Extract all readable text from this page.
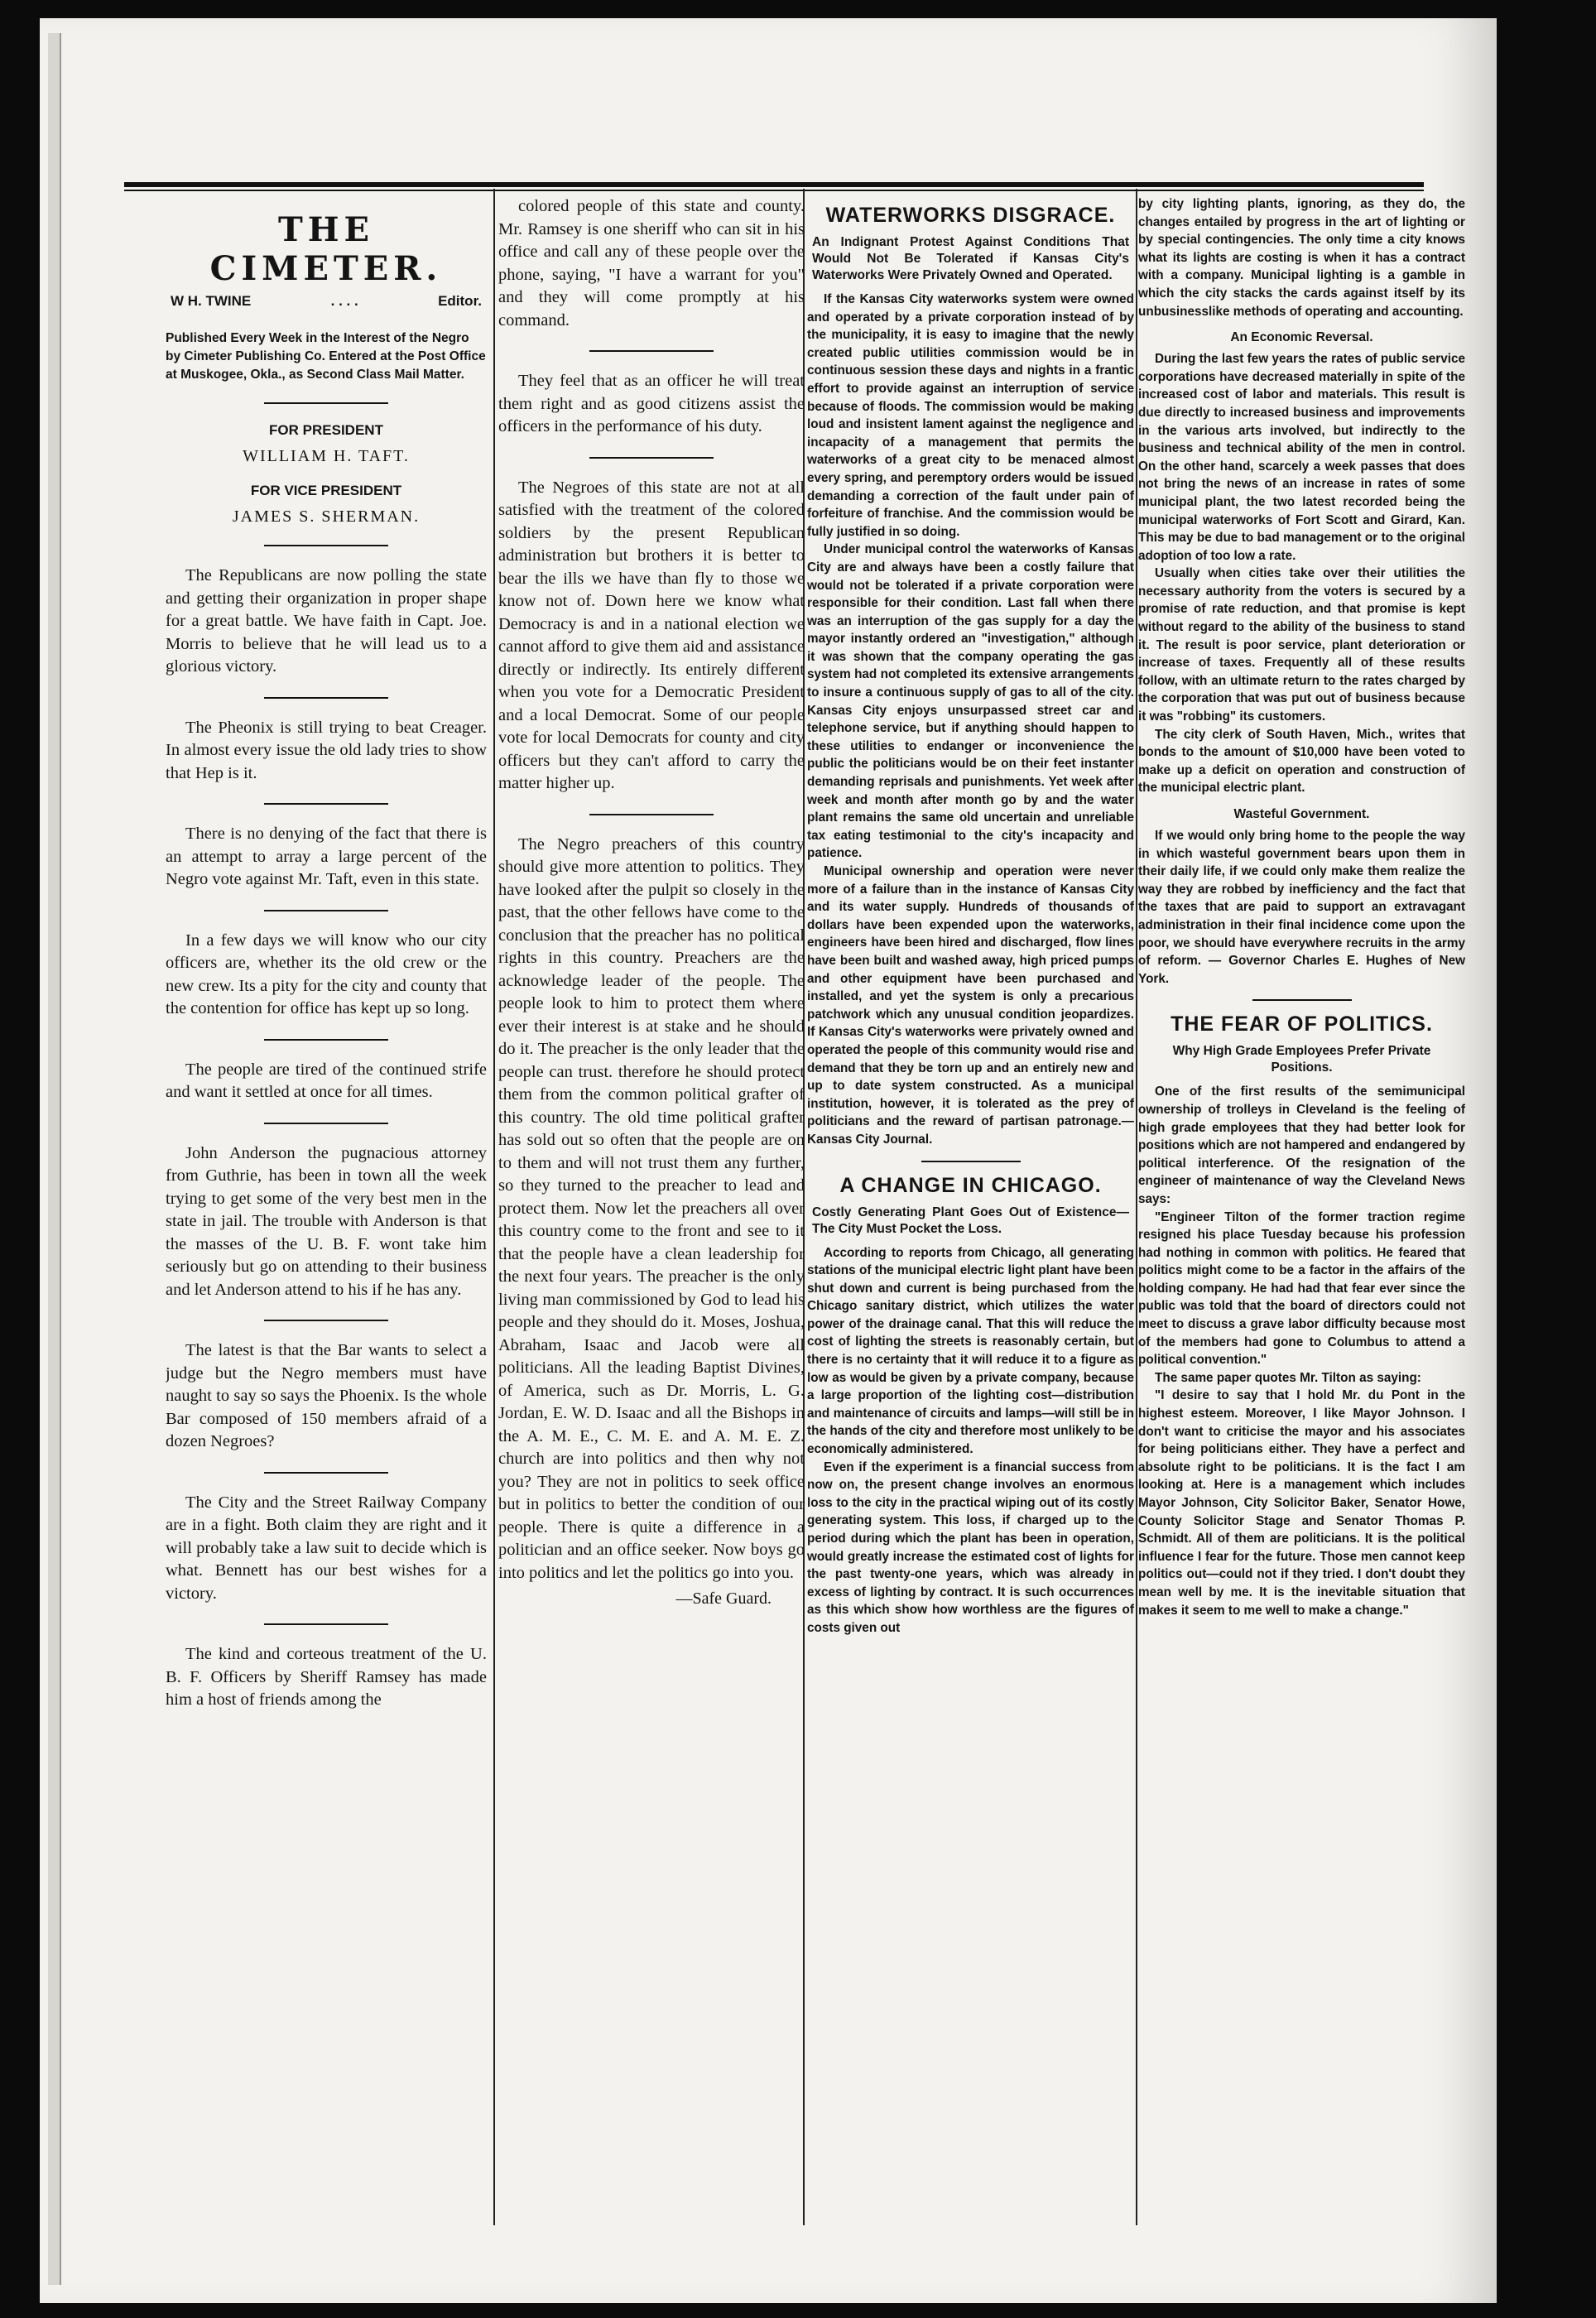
THE CIMETER.
W H. TWINE	. . . .	Editor.
Published Every Week in the Interest of the Negro by Cimeter Publishing Co. Entered at the Post Office at Muskogee, Okla., as Second Class Mail Matter.
FOR PRESIDENT
WILLIAM H. TAFT.
FOR VICE PRESIDENT
JAMES S. SHERMAN.

The Republicans are now polling the state and getting their organization in proper shape for a great battle. We have faith in Capt. Joe. Morris to believe that he will lead us to a glorious victory.

The Pheonix is still trying to beat Creager. In almost every issue the old lady tries to show that Hep is it.

There is no denying of the fact that there is an attempt to array a large percent of the Negro vote against Mr. Taft, even in this state.

In a few days we will know who our city officers are, whether its the old crew or the new crew. Its a pity for the city and county that the contention for office has kept up so long.

The people are tired of the continued strife and want it settled at once for all times.

John Anderson the pugnacious attorney from Guthrie, has been in town all the week trying to get some of the very best men in the state in jail. The trouble with Anderson is that the masses of the U. B. F. wont take him seriously but go on attending to their business and let Anderson attend to his if he has any.

The latest is that the Bar wants to select a judge but the Negro members must have naught to say so says the Phoenix. Is the whole Bar composed of 150 members afraid of a dozen Negroes?

The City and the Street Railway Company are in a fight. Both claim they are right and it will probably take a law suit to decide which is what. Bennett has our best wishes for a victory.

The kind and corteous treatment of the U. B. F. Officers by Sheriff Ramsey has made him a host of friends among the

colored people of this state and county. Mr. Ramsey is one sheriff who can sit in his office and call any of these people over the phone, saying, "I have a warrant for you" and they will come promptly at his command.

They feel that as an officer he will treat them right and as good citizens assist the officers in the performance of his duty.

The Negroes of this state are not at all satisfied with the treatment of the colored soldiers by the present Republican administration but brothers it is better to bear the ills we have than fly to those we know not of. Down here we know what Democracy is and in a national election we cannot afford to give them aid and assistance directly or indirectly. Its entirely different when you vote for a Democratic President and a local Democrat. Some of our people vote for local Democrats for county and city officers but they can't afford to carry the matter higher up.

The Negro preachers of this country should give more attention to politics. They have looked after the pulpit so closely in the past, that the other fellows have come to the conclusion that the preacher has no political rights in this country. Preachers are the acknowledge leader of the people. The people look to him to protect them where ever their interest is at stake and he should do it. The preacher is the only leader that the people can trust. therefore he should protect them from the common political grafter of this country. The old time political grafter has sold out so often that the people are on to them and will not trust them any further, so they turned to the preacher to lead and protect them. Now let the preachers all over this country come to the front and see to it that the people have a clean leadership for the next four years. The preacher is the only living man commissioned by God to lead his people and they should do it. Moses, Joshua, Abraham, Isaac and Jacob were all politicians. All the leading Baptist Divines, of America, such as Dr. Morris, L. G. Jordan, E. W. D. Isaac and all the Bishops in the A. M. E., C. M. E. and A. M. E. Z. church are into politics and then why not you? They are not in politics to seek office but in politics to better the condition of our people. There is quite a difference in a politician and an office seeker. Now boys go into politics and let the politics go into you.

—Safe Guard.
WATERWORKS DISGRACE.
An Indignant Protest Against Conditions That Would Not Be Tolerated if Kansas City's Waterworks Were Privately Owned and Operated.

If the Kansas City waterworks system were owned and operated by a private corporation instead of by the municipality, it is easy to imagine that the newly created public utilities commission would be in continuous session these days and nights in a frantic effort to provide against an interruption of service because of floods. The commission would be making loud and insistent lament against the negligence and incapacity of a management that permits the waterworks of a great city to be menaced almost every spring, and peremptory orders would be issued demanding a correction of the fault under pain of forfeiture of franchise. And the commission would be fully justified in so doing.

Under municipal control the waterworks of Kansas City are and always have been a costly failure that would not be tolerated if a private corporation were responsible for their condition. Last fall when there was an interruption of the gas supply for a day the mayor instantly ordered an "investigation," although it was shown that the company operating the gas system had not completed its extensive arrangements to insure a continuous supply of gas to all of the city. Kansas City enjoys unsurpassed street car and telephone service, but if anything should happen to these utilities to endanger or inconvenience the public the politicians would be on their feet instanter demanding reprisals and punishments. Yet week after week and month after month go by and the water plant remains the same old uncertain and unreliable tax eating testimonial to the city's incapacity and patience.

Municipal ownership and operation were never more of a failure than in the instance of Kansas City and its water supply. Hundreds of thousands of dollars have been expended upon the waterworks, engineers have been hired and discharged, flow lines have been built and washed away, high priced pumps and other equipment have been purchased and installed, and yet the system is only a precarious patchwork which any unusual condition jeopardizes. If Kansas City's waterworks were privately owned and operated the people of this community would rise and demand that they be torn up and an entirely new and up to date system constructed. As a municipal institution, however, it is tolerated as the prey of politicians and the reward of partisan patronage.—Kansas City Journal.

A CHANGE IN CHICAGO.
Costly Generating Plant Goes Out of Existence—The City Must Pocket the Loss.

According to reports from Chicago, all generating stations of the municipal electric light plant have been shut down and current is being purchased from the Chicago sanitary district, which utilizes the water power of the drainage canal. That this will reduce the cost of lighting the streets is reasonably certain, but there is no certainty that it will reduce it to a figure as low as would be given by a private company, because a large proportion of the lighting cost—distribution and maintenance of circuits and lamps—will still be in the hands of the city and therefore most unlikely to be economically administered.

Even if the experiment is a financial success from now on, the present change involves an enormous loss to the city in the practical wiping out of its costly generating system. This loss, if charged up to the period during which the plant has been in operation, would greatly increase the estimated cost of lights for the past twenty-one years, which was already in excess of lighting by contract. It is such occurrences as this which show how worthless are the figures of costs given out

by city lighting plants, ignoring, as they do, the changes entailed by progress in the art of lighting or by special contingencies. The only time a city knows what its lights are costing is when it has a contract with a company. Municipal lighting is a gamble in which the city stacks the cards against itself by its unbusinesslike methods of operating and accounting.

An Economic Reversal.

During the last few years the rates of public service corporations have decreased materially in spite of the increased cost of labor and materials. This result is due directly to increased business and improvements in the various arts involved, but indirectly to the business and technical ability of the men in control. On the other hand, scarcely a week passes that does not bring the news of an increase in rates of some municipal plant, the two latest recorded being the municipal waterworks of Fort Scott and Girard, Kan. This may be due to bad management or to the original adoption of too low a rate.

Usually when cities take over their utilities the necessary authority from the voters is secured by a promise of rate reduction, and that promise is kept without regard to the ability of the business to stand it. The result is poor service, plant deterioration or increase of taxes. Frequently all of these results follow, with an ultimate return to the rates charged by the corporation that was put out of business because it was "robbing" its customers.

The city clerk of South Haven, Mich., writes that bonds to the amount of $10,000 have been voted to make up a deficit on operation and construction of the municipal electric plant.

Wasteful Government.

If we would only bring home to the people the way in which wasteful government bears upon them in their daily life, if we could only make them realize the way they are robbed by inefficiency and the fact that the taxes that are paid to support an extravagant administration in their final incidence come upon the poor, we should have everywhere recruits in the army of reform. — Governor Charles E. Hughes of New York.

THE FEAR OF POLITICS.
Why High Grade Employees Prefer Private Positions.

One of the first results of the semimunicipal ownership of trolleys in Cleveland is the feeling of high grade employees that they had better look for positions which are not hampered and endangered by political interference. Of the resignation of the engineer of maintenance of way the Cleveland News says:

"Engineer Tilton of the former traction regime resigned his place Tuesday because his profession had nothing in common with politics. He feared that politics might come to be a factor in the affairs of the holding company. He had had that fear ever since the public was told that the board of directors could not meet to discuss a grave labor difficulty because most of the members had gone to Columbus to attend a political convention."

The same paper quotes Mr. Tilton as saying:

"I desire to say that I hold Mr. du Pont in the highest esteem. Moreover, I like Mayor Johnson. I don't want to criticise the mayor and his associates for being politicians either. They have a perfect and absolute right to be politicians. It is the fact I am looking at. Here is a management which includes Mayor Johnson, City Solicitor Baker, Senator Howe, County Solicitor Stage and Senator Thomas P. Schmidt. All of them are politicians. It is the political influence I fear for the future. Those men cannot keep politics out—could not if they tried. I don't doubt they mean well by me. It is the inevitable situation that makes it seem to me well to make a change."
